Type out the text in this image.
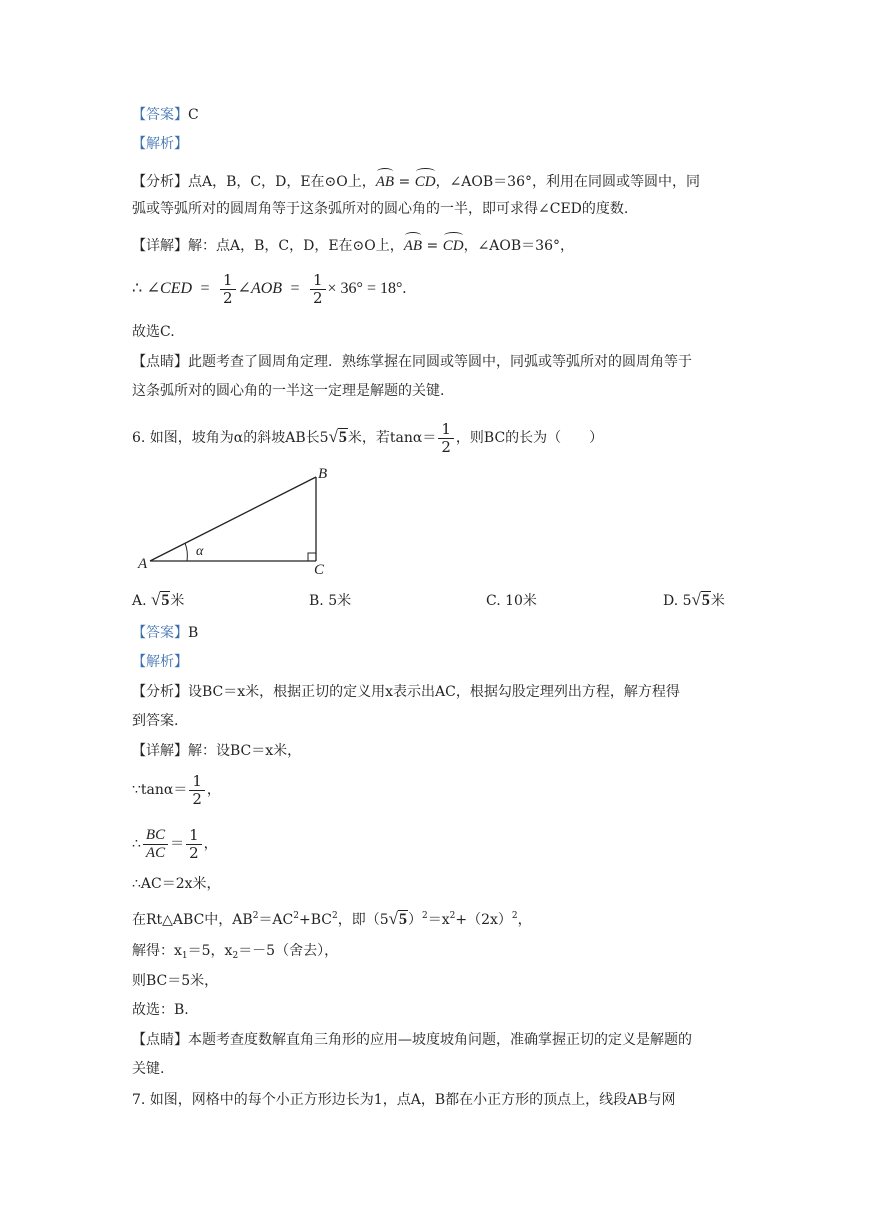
【答案】C
【解析】
【分析】点A，B，C，D，E在⊙O上，AB = CD，∠AOB＝36°，利用在同圆或等圆中，同
弧或等弧所对的圆周角等于这条弧所对的圆心角的一半，即可求得∠CED的度数.
【详解】解：点A，B，C，D，E在⊙O上，AB = CD，∠AOB＝36°，
∴ ∠CED = $\frac{1}{2}$ ∠AOB = $\frac{1}{2} \times 36^\circ = 18^\circ$.
故选C.
【点睛】此题考查了圆周角定理．熟练掌握在同圆或等圆中，同弧或等弧所对的圆周角等于
这条弧所对的圆心角的一半这一定理是解题的关键.
6. 如图，坡角为α的斜坡AB长5√5米，若$\tan\alpha= \frac{1}{2}$ ，则BC的长为（　　）
A
B
C
α
A. √5米	B. 5米	C. 10米	D. 5√5米
【答案】B
【解析】
【分析】设BC＝x米，根据正切的定义用x表示出AC，根据勾股定理列出方程，解方程得
到答案.
【详解】解：设BC＝x米，
∵tanα＝ $\frac{1}{2}$ ，
∴ $\frac{BC}{AC} = \frac{1}{2}$ ，
∴AC＝2x米，
在Rt△ABC中，$AB^2=AC^2+BC^2$，即$(5√5)^2=x^2+(2x)^2$，
解得：$x_1=5$，$x_2=-5$（舍去），
则BC＝5米，
故选：B.
【点睛】本题考查度数解直角三角形的应用—坡度坡角问题，准确掌握正切的定义是解题的
关键.
7. 如图，网格中的每个小正方形边长为1，点A，B都在小正方形的顶点上，线段AB与网
